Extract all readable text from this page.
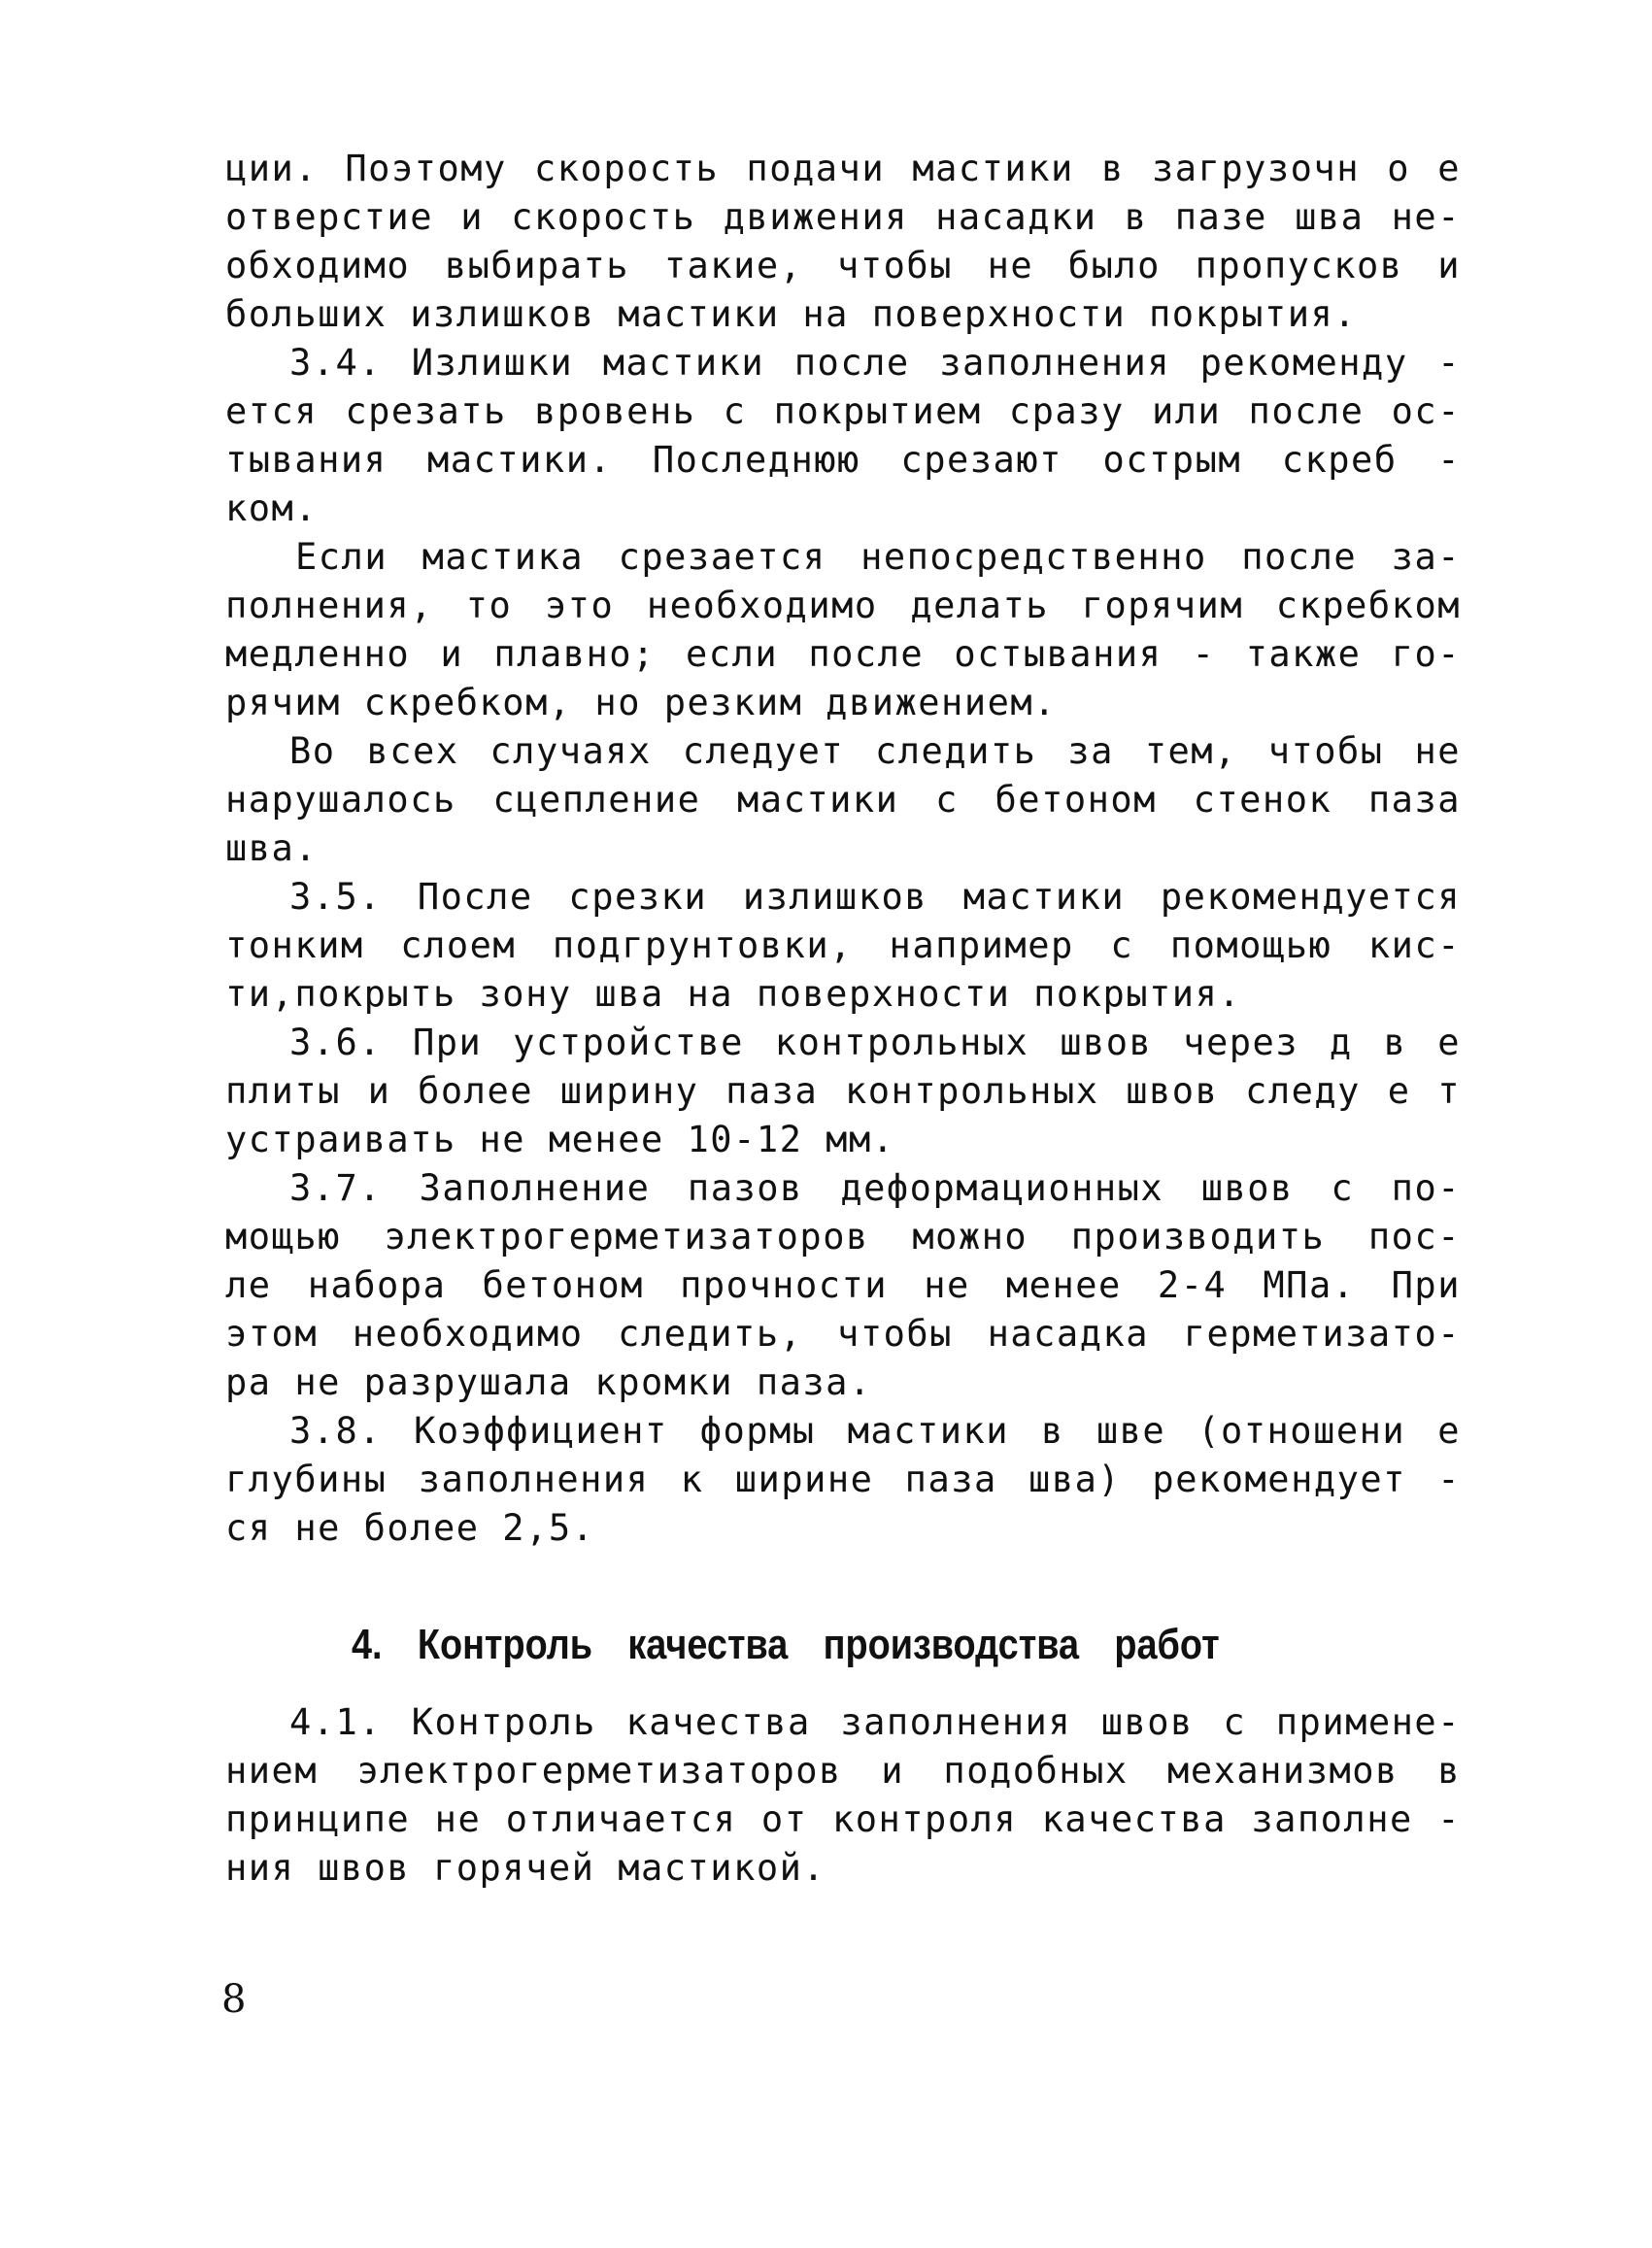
ции. Поэтому скорость подачи мастики в загрузочн о е
отверстие и скорость движения насадки в пазе шва не-
обходимо выбирать такие, чтобы не было пропусков и
больших излишков мастики на поверхности покрытия.
3.4. Излишки мастики после заполнения рекоменду -
ется срезать вровень с покрытием сразу или после ос-
тывания мастики. Последнюю срезают острым скреб -
ком.
Если мастика срезается непосредственно после за-
полнения, то это необходимо делать горячим скребком
медленно и плавно; если после остывания - также го-
рячим скребком, но резким движением.
Во всех случаях следует следить за тем, чтобы не
нарушалось сцепление мастики с бетоном стенок паза
шва.
3.5. После срезки излишков мастики рекомендуется
тонким слоем подгрунтовки, например с помощью кис-
ти,покрыть зону шва на поверхности покрытия.
3.6. При устройстве контрольных швов через д в е
плиты и более ширину паза контрольных швов следу е т
устраивать не менее 10-12 мм.
3.7. Заполнение пазов деформационных швов с по-
мощью электрогерметизаторов можно производить пос-
ле набора бетоном прочности не менее 2-4 МПа. При
этом необходимо следить, чтобы насадка герметизато-
ра не разрушала кромки паза.
3.8. Коэффициент формы мастики в шве (отношени е
глубины заполнения к ширине паза шва) рекомендует -
ся не более 2,5.
4. Контроль качества производства работ
4.1. Контроль качества заполнения швов с примене-
нием электрогерметизаторов и подобных механизмов в
принципе не отличается от контроля качества заполне -
ния швов горячей мастикой.
8
